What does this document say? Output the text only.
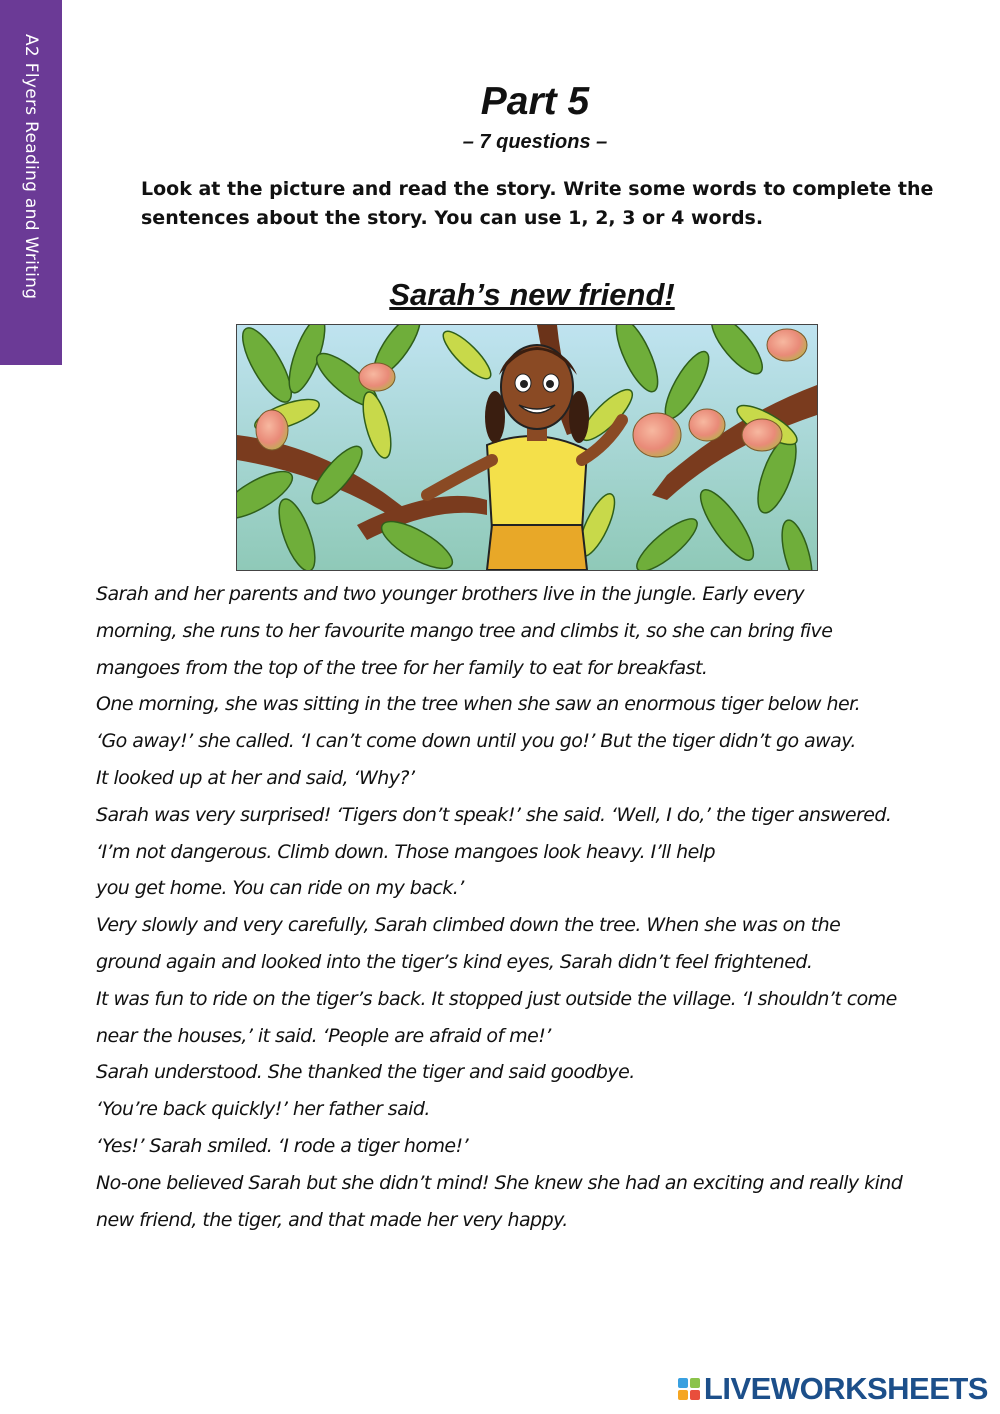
A2 Flyers Reading and Writing	Part 5
– 7 questions –

Look at the picture and read the story. Write some words to complete the sentences about the story. You can use 1, 2, 3 or 4 words.

Sarah’s new friend!
Sarah and her parents and two younger brothers live in the jungle. Early every
morning, she runs to her favourite mango tree and climbs it, so she can bring five
mangoes from the top of the tree for her family to eat for breakfast.
One morning, she was sitting in the tree when she saw an enormous tiger below her.
‘Go away!’ she called. ‘I can’t come down until you go!’ But the tiger didn’t go away.
It looked up at her and said, ‘Why?’
Sarah was very surprised! ‘Tigers don’t speak!’ she said. ‘Well, I do,’ the tiger answered.
‘I’m not dangerous. Climb down. Those mangoes look heavy. I’ll help
you get home. You can ride on my back.’
Very slowly and very carefully, Sarah climbed down the tree. When she was on the
ground again and looked into the tiger’s kind eyes, Sarah didn’t feel frightened.
It was fun to ride on the tiger’s back. It stopped just outside the village. ‘I shouldn’t come
near the houses,’ it said. ‘People are afraid of me!’
Sarah understood. She thanked the tiger and said goodbye.
‘You’re back quickly!’ her father said.
‘Yes!’ Sarah smiled. ‘I rode a tiger home!’
No-one believed Sarah but she didn’t mind! She knew she had an exciting and really kind
new friend, the tiger, and that made her very happy.
LIVEWORKSHEETS
